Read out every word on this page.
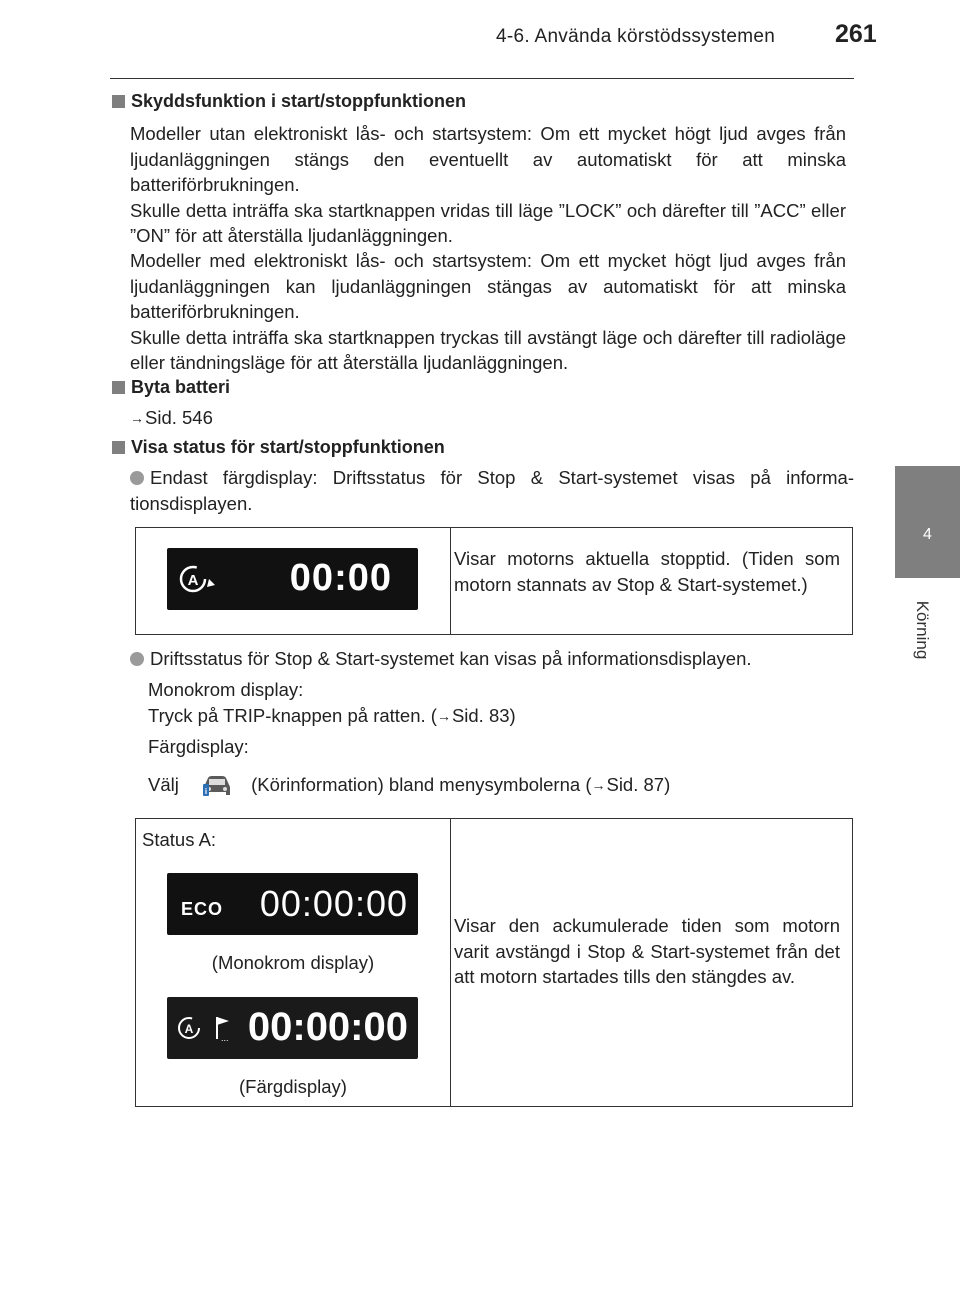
4-6. Använda körstödssystemen 261
4
Körning
Skyddsfunktion i start/stoppfunktionen
Modeller utan elektroniskt lås- och startsystem: Om ett mycket högt ljud avges från ljudanläggningen stängs den eventuellt av automatiskt för att minska batteriförbrukningen.
Skulle detta inträffa ska startknappen vridas till läge ”LOCK” och därefter till ”ACC” eller ”ON” för att återställa ljudanläggningen.
Modeller med elektroniskt lås- och startsystem: Om ett mycket högt ljud avges från ljudanläggningen kan ljudanläggningen stängas av automatiskt för att minska batteriförbrukningen.
Skulle detta inträffa ska startknappen tryckas till avstängt läge och därefter till radioläge eller tändningsläge för att återställa ljudanläggningen.
Byta batteri
→Sid. 546
Visa status för start/stoppfunktionen
Endast färgdisplay: Driftsstatus för Stop & Start-systemet visas på informa-tionsdisplayen.
A 00:00	Visar motorns aktuella stopptid. (Tiden som motorn stannats av Stop & Start-systemet.)
Driftsstatus för Stop & Start-systemet kan visas på informationsdisplayen.
Monokrom display:
Tryck på TRIP-knappen på ratten. (→Sid. 83)
Färgdisplay:
Välj	(Körinformation) bland menysymbolerna (→Sid. 87)
i
Status A:
ECO 00:00:00
(Monokrom display)
A
... 00:00:00
(Färgdisplay)
Visar den ackumulerade tiden som motorn varit avstängd i Stop & Start-systemet från det att motorn startades tills den stängdes av.
